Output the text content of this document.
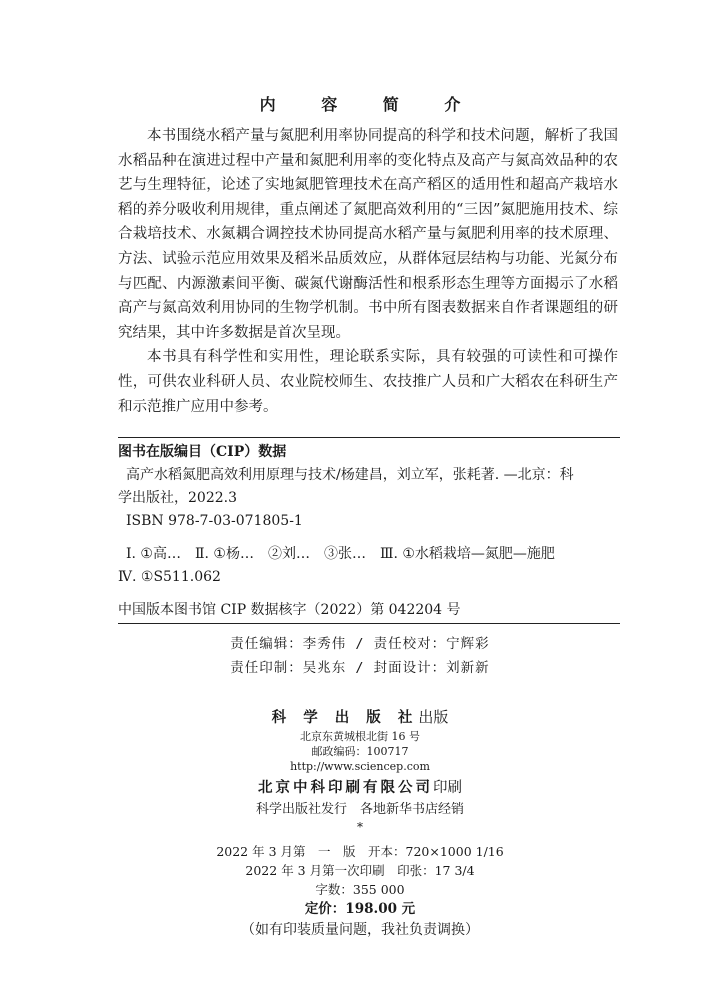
内 容 简 介

本书围绕水稻产量与氮肥利用率协同提高的科学和技术问题，解析了我国水稻品种在演进过程中产量和氮肥利用率的变化特点及高产与氮高效品种的农艺与生理特征，论述了实地氮肥管理技术在高产稻区的适用性和超高产栽培水稻的养分吸收利用规律，重点阐述了氮肥高效利用的“三因”氮肥施用技术、综合栽培技术、水氮耦合调控技术协同提高水稻产量与氮肥利用率的技术原理、方法、试验示范应用效果及稻米品质效应，从群体冠层结构与功能、光氮分布与匹配、内源激素间平衡、碳氮代谢酶活性和根系形态生理等方面揭示了水稻高产与氮高效利用协同的生物学机制。书中所有图表数据来自作者课题组的研究结果，其中许多数据是首次呈现。

本书具有科学性和实用性，理论联系实际，具有较强的可读性和可操作性，可供农业科研人员、农业院校师生、农技推广人员和广大稻农在科研生产和示范推广应用中参考。

图书在版编目（CIP）数据

高产水稻氮肥高效利用原理与技术/杨建昌，刘立军，张耗著. —北京：科

学出版社，2022.3

ISBN 978-7-03-071805-1

Ⅰ. ①高…　Ⅱ. ①杨…　②刘…　③张…　Ⅲ. ①水稻栽培—氮肥—施肥

Ⅳ. ①S511.062

中国版本图书馆 CIP 数据核字（2022）第 042204 号

责任编辑：李秀伟 / 责任校对：宁辉彩
责任印制：吴兆东 / 封面设计：刘新新
科 学 出 版 社出版
北京东黄城根北街 16 号
邮政编码：100717
http://www.sciencep.com
北京中科印刷有限公司印刷
科学出版社发行　各地新华书店经销
*
2022 年 3 月第　一　版　开本：720×1000 1/16
2022 年 3 月第一次印刷　印张：17 3/4
字数：355 000
定价：198.00 元
（如有印装质量问题，我社负责调换）
